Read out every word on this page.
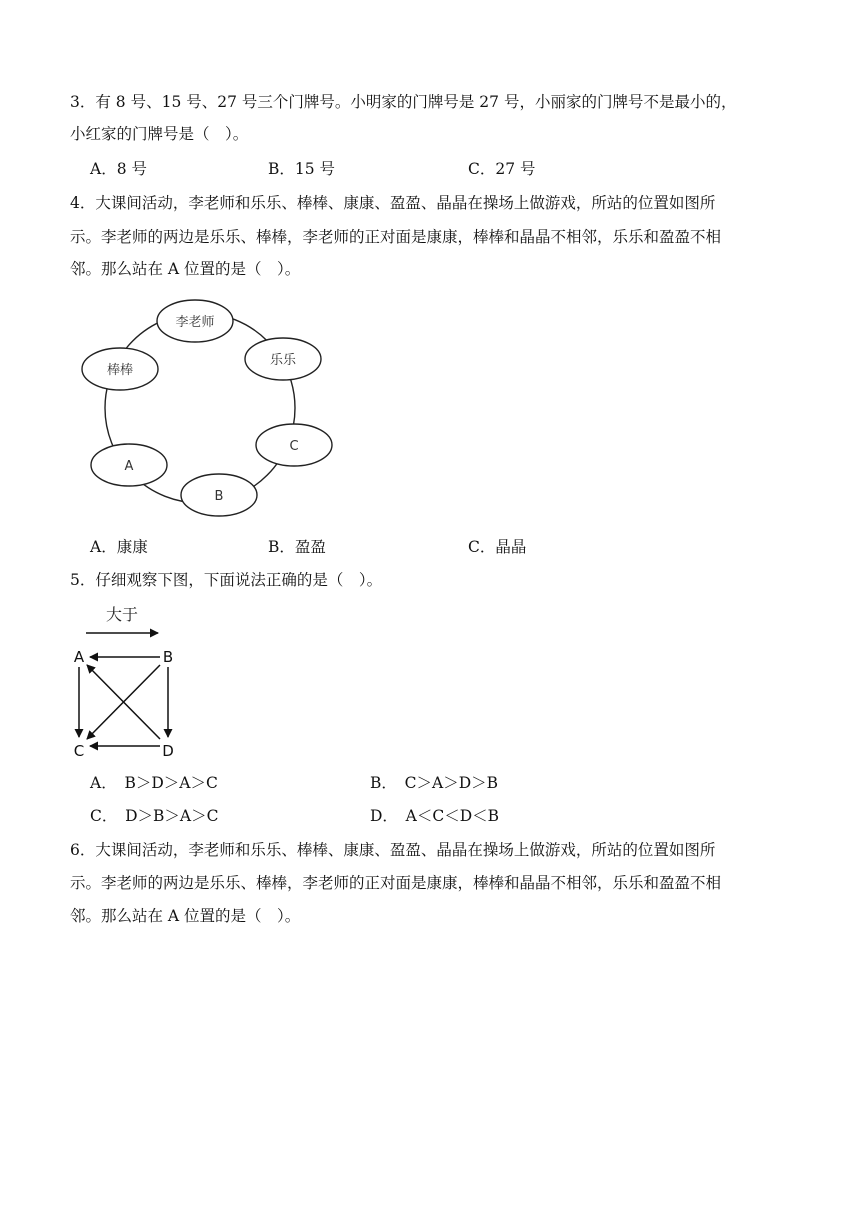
3．有 8 号、15 号、27 号三个门牌号。小明家的门牌号是 27 号，小丽家的门牌号不是最小的，
小红家的门牌号是（　）。
A．8 号	B．15 号	C．27 号
4．大课间活动，李老师和乐乐、棒棒、康康、盈盈、晶晶在操场上做游戏，所站的位置如图所
示。李老师的两边是乐乐、棒棒，李老师的正对面是康康，棒棒和晶晶不相邻，乐乐和盈盈不相
邻。那么站在 A 位置的是（　）。
李老师
乐乐
棒棒
C
A
B
A．康康	B．盈盈	C．晶晶
5．仔细观察下图，下面说法正确的是（　）。
大于
A	B
C	D
A．　B＞D＞A＞C	B．　C＞A＞D＞B
C．　D＞B＞A＞C	D．　A＜C＜D＜B
6．大课间活动，李老师和乐乐、棒棒、康康、盈盈、晶晶在操场上做游戏，所站的位置如图所
示。李老师的两边是乐乐、棒棒，李老师的正对面是康康，棒棒和晶晶不相邻，乐乐和盈盈不相
邻。那么站在 A 位置的是（　）。
